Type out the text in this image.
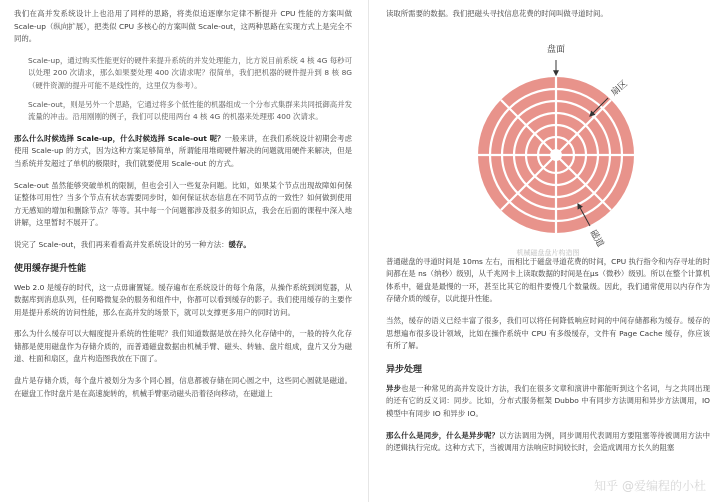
我们在高并发系统设计上也沿用了同样的思路，将类似追逐摩尔定律不断提升 CPU 性能的方案叫做 Scale-up（纵向扩展），把类似 CPU 多核心的方案叫做 Scale-out，这两种思路在实现方式上是完全不同的。

Scale-up，通过购买性能更好的硬件来提升系统的并发处理能力，比方说目前系统 4 核 4G 每秒可以处理 200 次请求，那么如果要处理 400 次请求呢？很简单，我们把机器的硬件提升到 8 核 8G（硬件资源的提升可能不是线性的，这里仅为参考）。

Scale-out，则是另外一个思路，它通过将多个低性能的机器组成一个分布式集群来共同抵御高并发流量的冲击。沿用刚刚的例子，我们可以使用两台 4 核 4G 的机器来处理那 400 次请求。

那么什么时候选择 Scale-up，什么时候选择 Scale-out 呢？一般来讲，在我们系统设计初期会考虑使用 Scale-up 的方式，因为这种方案足够简单，所谓能用堆砌硬件解决的问题就用硬件来解决，但是当系统并发超过了单机的极限时，我们就要使用 Scale-out 的方式。

Scale-out 虽然能够突破单机的限制，但也会引入一些复杂问题。比如，如果某个节点出现故障如何保证整体可用性？当多个节点有状态需要同步时，如何保证状态信息在不同节点的一致性？如何做到使用方无感知的增加和删除节点？等等。其中每一个问题都涉及很多的知识点，我会在后面的课程中深入地讲解，这里暂时不展开了。

说完了 Scale-out，我们再来看看高并发系统设计的另一种方法：缓存。

使用缓存提升性能

Web 2.0 是缓存的时代，这一点毋庸置疑。缓存遍布在系统设计的每个角落，从操作系统到浏览器，从数据库到消息队列，任何略微复杂的服务和组件中，你都可以看到缓存的影子。我们使用缓存的主要作用是提升系统的访问性能，那么在高并发的场景下，就可以支撑更多用户的同时访问。

那么为什么缓存可以大幅度提升系统的性能呢？我们知道数据是放在持久化存储中的，一般的持久化存储都是使用磁盘作为存储介质的，而普通磁盘数据由机械手臂、磁头、转轴、盘片组成，盘片又分为磁道、柱面和扇区，盘片构造图我放在下面了。

盘片是存储介质，每个盘片被划分为多个同心圆，信息都被存储在同心圆之中，这些同心圆就是磁道。在磁盘工作时盘片是在高速旋转的，机械手臂驱动磁头沿着径向移动，在磁道上

读取所需要的数据。我们把磁头寻找信息花费的时间叫做寻道时间。

盘面
扇区
磁道
机械磁盘盘片构造图

普通磁盘的寻道时间是 10ms 左右，而相比于磁盘寻道花费的时间，CPU 执行指令和内存寻址的时间都在是 ns（纳秒）级别，从千兆网卡上读取数据的时间是在μs（微秒）级别。所以在整个计算机体系中，磁盘是最慢的一环，甚至比其它的组件要慢几个数量级。因此，我们通常使用以内存作为存储介质的缓存，以此提升性能。

当然，缓存的语义已经丰富了很多，我们可以将任何降低响应时间的中间存储都称为缓存。缓存的思想遍布很多设计领域，比如在操作系统中 CPU 有多级缓存，文件有 Page Cache 缓存，你应该有所了解。

异步处理

异步也是一种常见的高并发设计方法，我们在很多文章和演讲中都能听到这个名词，与之共同出现的还有它的反义词：同步。比如，分布式服务框架 Dubbo 中有同步方法调用和异步方法调用，IO 模型中有同步 IO 和异步 IO。

那么什么是同步，什么是异步呢？以方法调用为例，同步调用代表调用方要阻塞等待被调用方法中的逻辑执行完成。这种方式下，当被调用方法响应时间较长时，会造成调用方长久的阻塞

知乎 @爱编程的小杜
